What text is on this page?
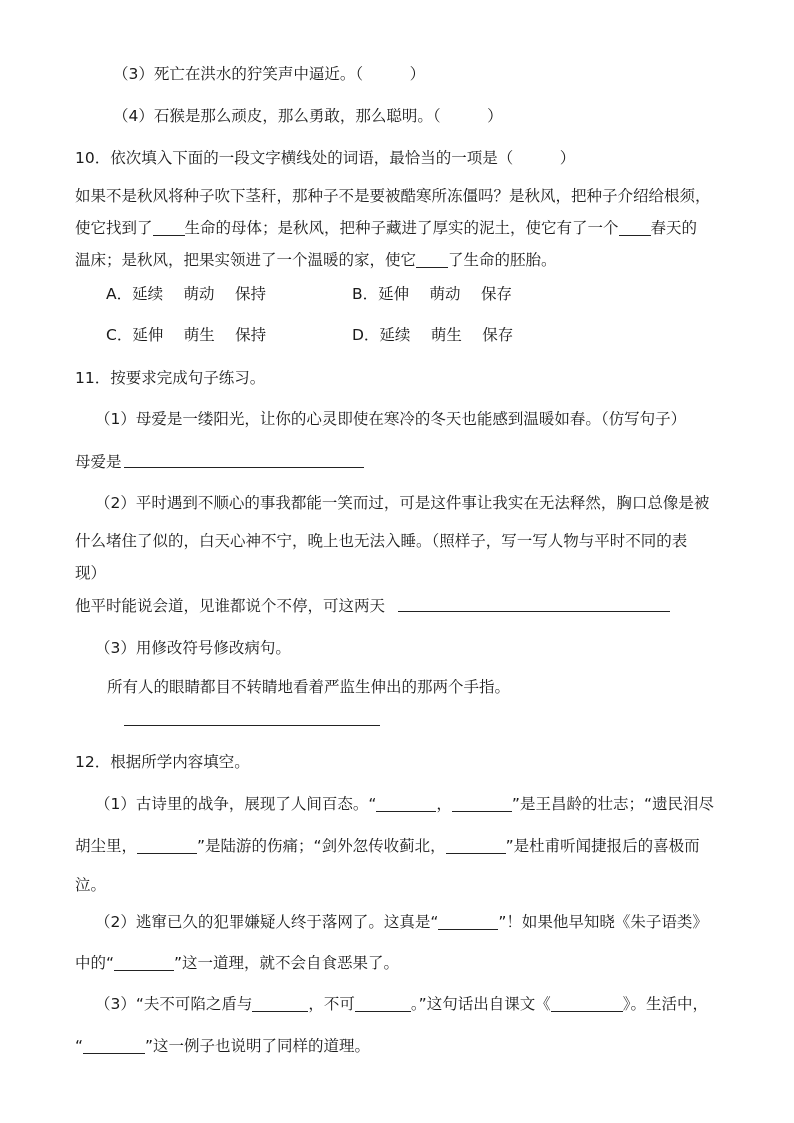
（3）死亡在洪水的狞笑声中逼近。（　　　）
（4）石猴是那么顽皮，那么勇敢，那么聪明。（　　　）
10．依次填入下面的一段文字横线处的词语，最恰当的一项是（　　　）
如果不是秋风将种子吹下茎秆，那种子不是要被酷寒所冻僵吗？是秋风，把种子介绍给根须，
使它找到了 生命的母体；是秋风，把种子藏进了厚实的泥土，使它有了一个 春天的
温床；是秋风，把果实领进了一个温暖的家，使它 了生命的胚胎。
A．延续　 萌动　 保持	B．延伸　 萌动　 保存
C．延伸　 萌生　 保持	D．延续　 萌生　 保存
11．按要求完成句子练习。
（1）母爱是一缕阳光，让你的心灵即使在寒冷的冬天也能感到温暖如春。（仿写句子）
母爱是
（2）平时遇到不顺心的事我都能一笑而过，可是这件事让我实在无法释然，胸口总像是被
什么堵住了似的，白天心神不宁，晚上也无法入睡。（照样子，写一写人物与平时不同的表
现）
他平时能说会道，见谁都说个不停，可这两天
（3）用修改符号修改病句。
所有人的眼睛都目不转睛地看着严监生伸出的那两个手指。
12．根据所学内容填空。
（1）古诗里的战争，展现了人间百态。“	，	”是王昌龄的壮志；“遗民泪尽
胡尘里，	”是陆游的伤痛；“剑外忽传收蓟北，	”是杜甫听闻捷报后的喜极而
泣。
（2）逃窜已久的犯罪嫌疑人终于落网了。这真是“	”！如果他早知晓《朱子语类》
中的“	”这一道理，就不会自食恶果了。
（3）“夫不可陷之盾与	，不可	。”这句话出自课文《	》。生活中，
“	”这一例子也说明了同样的道理。
